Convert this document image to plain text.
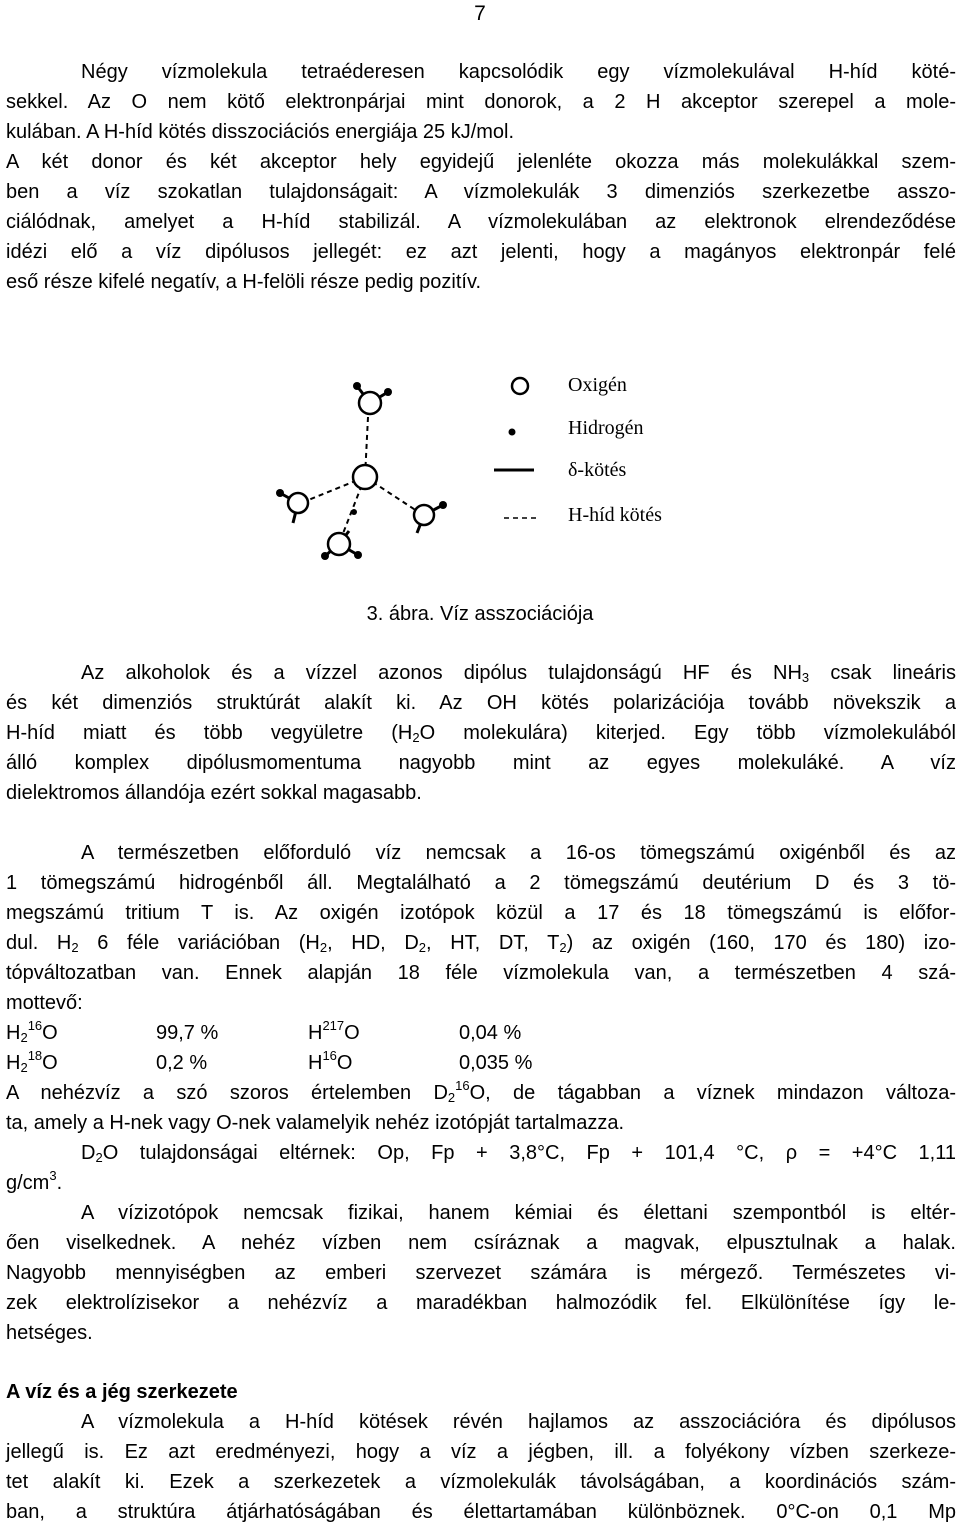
7
Négy vízmolekula tetraéderesen kapcsolódik egy vízmolekulával H-híd köté-
sekkel. Az O nem kötő elektronpárjai mint donorok, a 2 H akceptor szerepel a mole-
kulában. A H-híd kötés disszociációs energiája 25 kJ/mol.
A két donor és két akceptor hely egyidejű jelenléte okozza más molekulákkal szem-
ben a víz szokatlan tulajdonságait: A vízmolekulák 3 dimenziós szerkezetbe asszo-
ciálódnak, amelyet a H-híd stabilizál. A vízmolekulában az elektronok elrendeződése
idézi elő a víz dipólusos jellegét: ez azt jelenti, hogy a magányos elektronpár felé
eső része kifelé negatív, a H-felöli része pedig pozitív.
Oxigén
Hidrogén
δ-kötés
H-híd kötés
3. ábra. Víz asszociációja
Az alkoholok és a vízzel azonos dipólus tulajdonságú HF és $NH_3$ csak lineáris
és két dimenziós struktúrát alakít ki. Az OH kötés polarizációja tovább növekszik a
H-híd miatt és több vegyületre ($H_2O$ molekulára) kiterjed. Egy több vízmolekulából
álló komplex dipólusmomentuma nagyobb mint az egyes molekuláké. A víz
dielektromos állandója ezért sokkal magasabb.
A természetben előforduló víz nemcsak a 16-os tömegszámú oxigénből és az
1 tömegszámú hidrogénből áll. Megtalálható a 2 tömegszámú deutérium D és 3 tö-
megszámú tritium T is. Az oxigén izotópok közül a 17 és 18 tömegszámú is előfor-
dul. $H_2$ 6 féle variációban ($H_2$, HD, $D_2$, HT, DT, $T_2$) az oxigén (160, 170 és 180) izo-
tópváltozatban van. Ennek alapján 18 féle vízmolekula van, a természetben 4 szá-
mottevő:
$H_2^{16}O$	99,7 %	$H^{217}O$	0,04 %
$H_2^{18}O$	0,2 %	$H^{16}O$	0,035 %
A nehézvíz a szó szoros értelemben $D_2^{16}O$, de tágabban a víznek mindazon változa-
ta, amely a H-nek vagy O-nek valamelyik nehéz izotópját tartalmazza.
$D_2O$ tulajdonságai eltérnek: Op, Fp + 3,8°C, Fp + 101,4 °C, ρ = +4°C 1,11
$g/cm^3$.
A vízizotópok nemcsak fizikai, hanem kémiai és élettani szempontból is eltér-
ően viselkednek. A nehéz vízben nem csíráznak a magvak, elpusztulnak a halak.
Nagyobb mennyiségben az emberi szervezet számára is mérgező. Természetes vi-
zek elektrolízisekor a nehézvíz a maradékban halmozódik fel. Elkülönítése így le-
hetséges.
A víz és a jég szerkezete
A vízmolekula a H-híd kötések révén hajlamos az asszociációra és dipólusos
jellegű is. Ez azt eredményezi, hogy a víz a jégben, ill. a folyékony vízben szerkeze-
tet alakít ki. Ezek a szerkezetek a vízmolekulák távolságában, a koordinációs szám-
ban, a struktúra átjárhatóságában és élettartamában különböznek. 0°C-on 0,1 Mp
